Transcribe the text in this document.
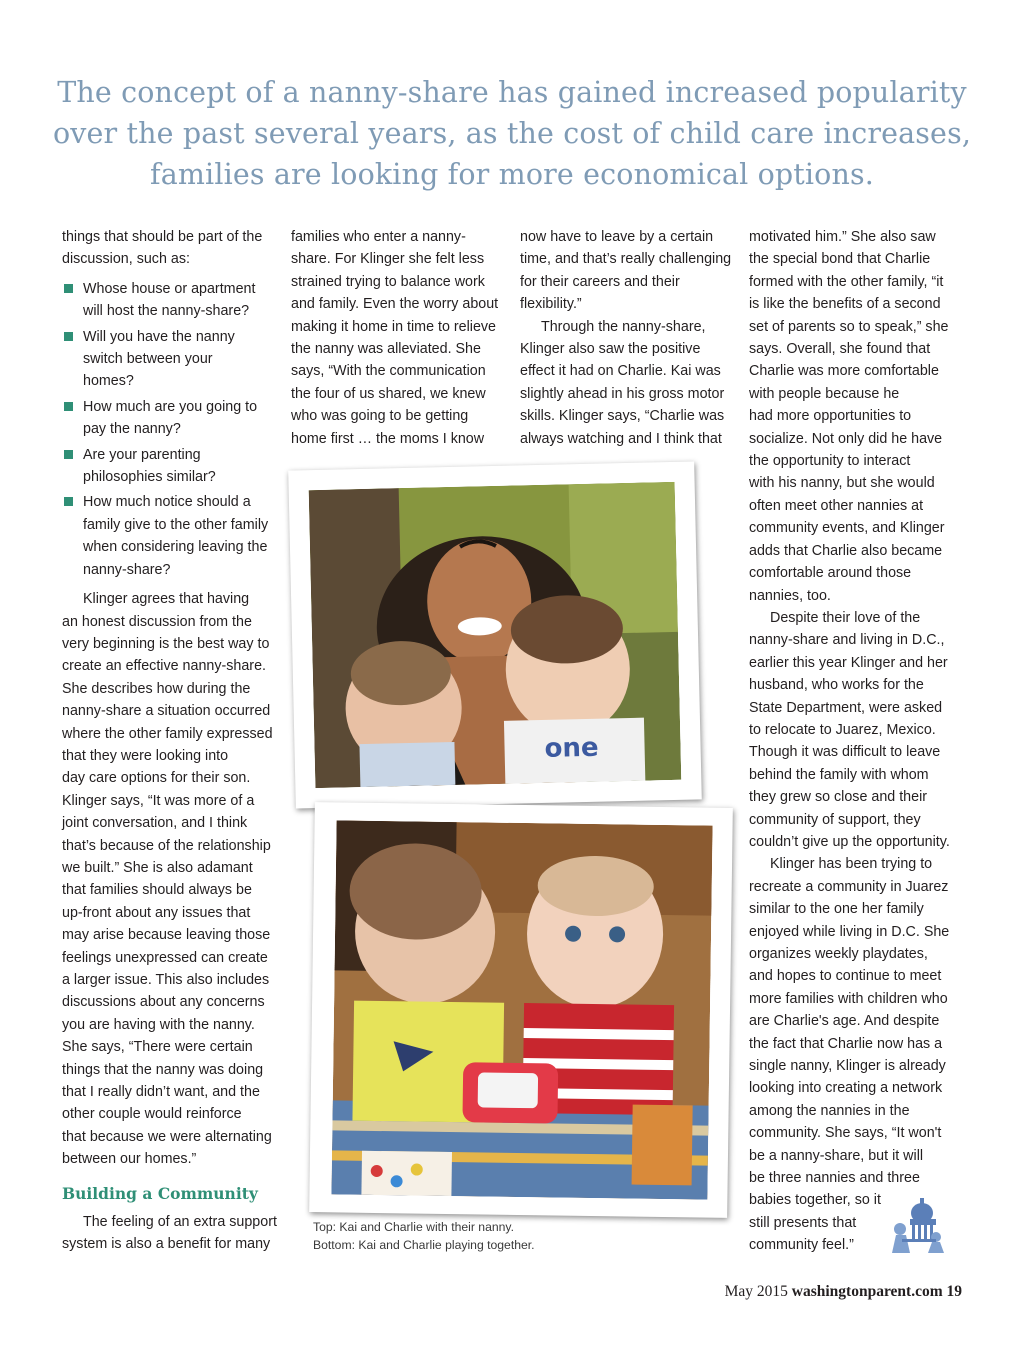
The concept of a nanny-share has gained increased popularity
over the past several years, as the cost of child care increases,
families are looking for more economical options.

things that should be part of the
discussion, such as:

Whose house or apartment
will host the nanny-share?
Will you have the nanny
switch between your
homes?
How much are you going to
pay the nanny?
Are your parenting
philosophies similar?
How much notice should a
family give to the other family
when considering leaving the
nanny-share?

Klinger agrees that having
an honest discussion from the
very beginning is the best way to
create an effective nanny-share.
She describes how during the
nanny-share a situation occurred
where the other family expressed
that they were looking into
day care options for their son.
Klinger says, “It was more of a
joint conversation, and I think
that’s because of the relationship
we built.” She is also adamant
that families should always be
up-front about any issues that
may arise because leaving those
feelings unexpressed can create
a larger issue. This also includes
discussions about any concerns
you are having with the nanny.
She says, “There were certain
things that the nanny was doing
that I really didn’t want, and the
other couple would reinforce
that because we were alternating
between our homes.”

Building a Community

The feeling of an extra support
system is also a benefit for many

families who enter a nanny-
share. For Klinger she felt less
strained trying to balance work
and family. Even the worry about
making it home in time to relieve
the nanny was alleviated. She
says, “With the communication
the four of us shared, we knew
who was going to be getting
home first … the moms I know

now have to leave by a certain
time, and that’s really challenging
for their careers and their
flexibility.”

Through the nanny-share,
Klinger also saw the positive
effect it had on Charlie. Kai was
slightly ahead in his gross motor
skills. Klinger says, “Charlie was
always watching and I think that

motivated him.” She also saw
the special bond that Charlie
formed with the other family, “it
is like the benefits of a second
set of parents so to speak,” she
says. Overall, she found that
Charlie was more comfortable
with people because he
had more opportunities to
socialize. Not only did he have
the opportunity to interact
with his nanny, but she would
often meet other nannies at
community events, and Klinger
adds that Charlie also became
comfortable around those
nannies, too.

Despite their love of the
nanny-share and living in D.C.,
earlier this year Klinger and her
husband, who works for the
State Department, were asked
to relocate to Juarez, Mexico.
Though it was difficult to leave
behind the family with whom
they grew so close and their
community of support, they
couldn’t give up the opportunity.

Klinger has been trying to
recreate a community in Juarez
similar to the one her family
enjoyed while living in D.C. She
organizes weekly playdates,
and hopes to continue to meet
more families with children who
are Charlie's age. And despite
the fact that Charlie now has a
single nanny, Klinger is already
looking into creating a network
among the nannies in the
community. She says, “It won't
be a nanny-share, but it will
be three nannies and three
babies together, so it
still presents that
community feel.”

one
Top: Kai and Charlie with their nanny.
Bottom: Kai and Charlie playing together.
May 2015 washingtonparent.com 19
